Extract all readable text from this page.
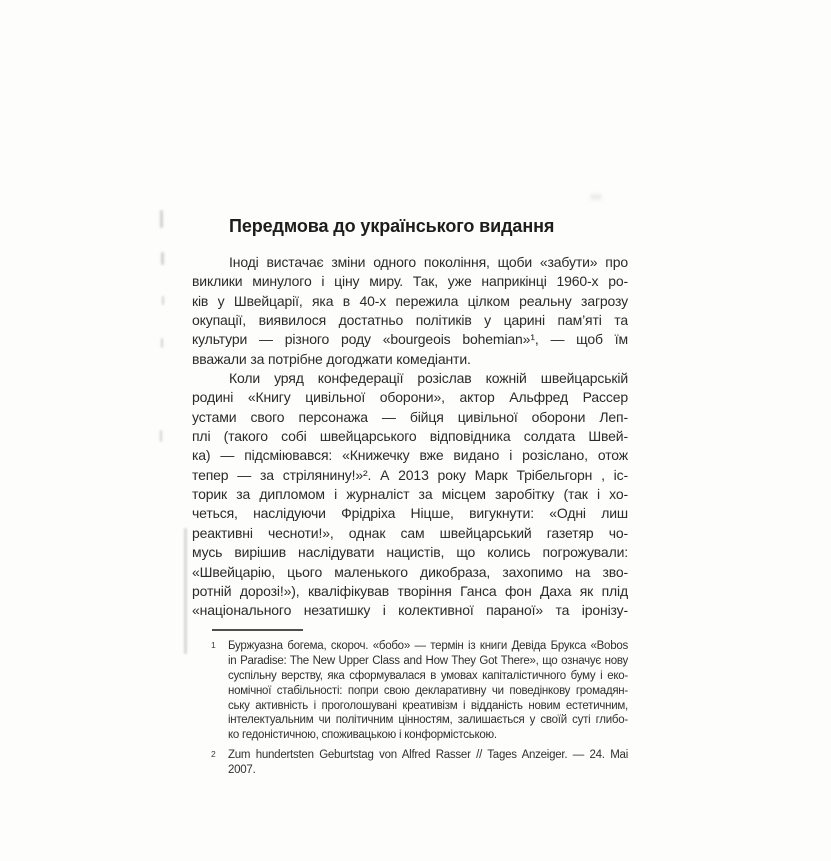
Передмова до українського видання
Іноді вистачає зміни одного покоління, щоби «забути» про
виклики минулого і ціну миру. Так, уже наприкінці 1960-х ро-
ків у Швейцарії, яка в 40-х пережила цілком реальну загрозу
окупації, виявилося достатньо політиків у царині пам’яті та
культури — різного роду «bourgeois bohemian»¹, — щоб їм
вважали за потрібне догоджати комедіанти.
Коли уряд конфедерації розіслав кожній швейцарській
родині «Книгу цивільної оборони», актор Альфред Рассер
устами свого персонажа — бійця цивільної оборони Леп-
плі (такого собі швейцарського відповідника солдата Швей-
ка) — підсміювався: «Книжечку вже видано і розіслано, отож
тепер — за стрілянину!»². А 2013 року Марк Трібельгорн , іс-
торик за дипломом і журналіст за місцем заробітку (так і хо-
четься, наслідуючи Фрідріха Ніцше, вигукнути: «Одні лиш
реактивні чесноти!», однак сам швейцарський газетяр чо-
мусь вирішив наслідувати нацистів, що колись погрожували:
«Швейцарію, цього маленького дикобраза, захопимо на зво-
ротній дорозі!»), кваліфікував творіння Ганса фон Даха як плід
«національного незатишку і колективної параної» та іронізу-
1 Буржуазна богема, скороч. «бобо» — термін із книги Девіда Брукса «Bobos
in Paradise: The New Upper Class and How They Got There», що означує нову
суспільну верству, яка сформувалася в умовах капіталістичного буму і еко-
номічної стабільності: попри свою декларативну чи поведінкову громадян-
ську активність і проголошувані креативізм і відданість новим естетичним,
інтелектуальним чи політичним цінностям, залишається у своїй суті глибо-
ко гедоністичною, споживацькою і конформістською.
2 Zum hundertsten Geburtstag von Alfred Rasser // Tages Anzeiger. — 24. Mai
2007.
